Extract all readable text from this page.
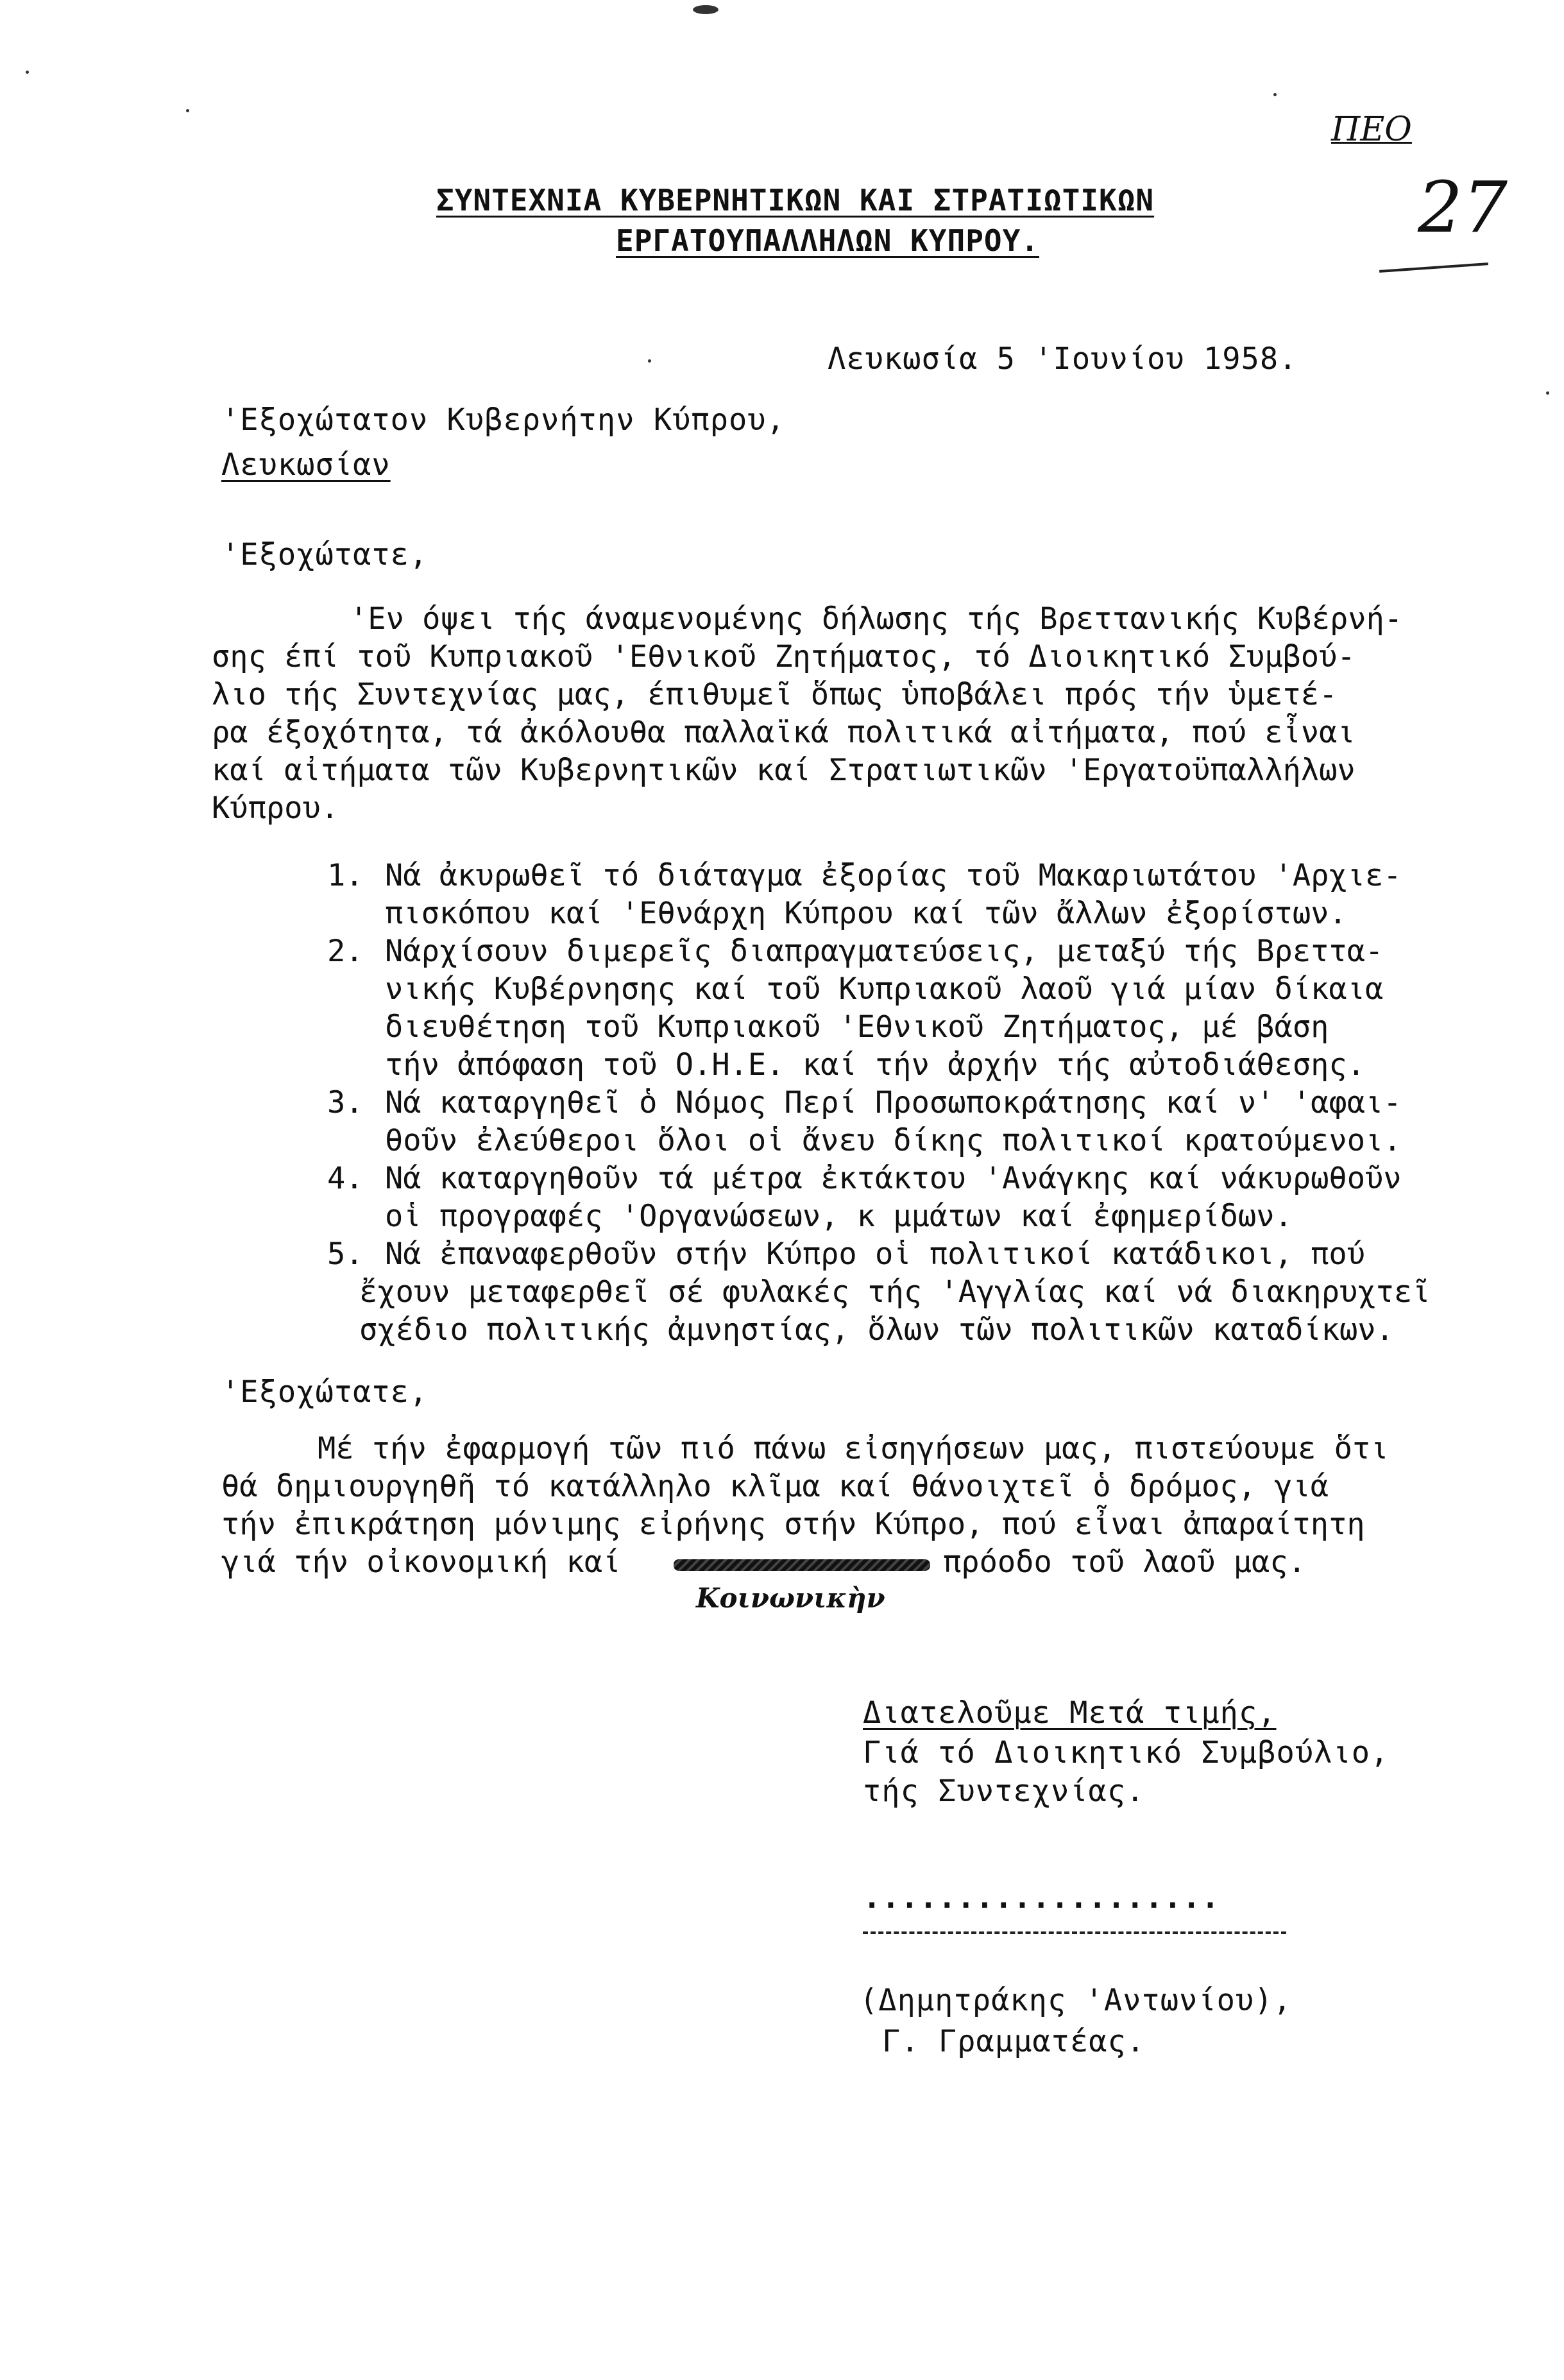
ΠΕΟ
27
ΣΥΝΤΕΧΝΙΑ ΚΥΒΕΡΝΗΤΙΚΩΝ ΚΑΙ ΣΤΡΑΤΙΩΤΙΚΩΝ
ΕΡΓΑΤΟΥΠΑΛΛΗΛΩΝ ΚΥΠΡΟΥ.
Λευκωσία 5 'Ιουνίου 1958.
'Εξοχώτατον Κυβερνήτην Κύπρου,
Λευκωσίαν
'Εξοχώτατε,
'Εν όψει τής άναμενομένης δήλωσης τής Βρεττανικής Κυβέρνή-
σης έπί τοῦ Κυπριακοῦ 'Εθνικοῦ Ζητήματος, τό Διοικητικό Συμβού-
λιο τής Συντεχνίας μας, έπιθυμεῖ ὅπως ὑποβάλει πρός τήν ὑμετέ-
ρα έξοχότητα, τά ἀκόλουθα παλλαϊκά πολιτικά αἰτήματα, πού εἶναι
καί αἰτήματα τῶν Κυβερνητικῶν καί Στρατιωτικῶν 'Εργατοϋπαλλήλων
Κύπρου.
1. Νά ἀκυρωθεῖ τό διάταγμα ἐξορίας τοῦ Μακαριωτάτου 'Αρχιε-
πισκόπου καί 'Εθνάρχη Κύπρου καί τῶν ἄλλων ἐξορίστων.
2. Νάρχίσουν διμερεῖς διαπραγματεύσεις, μεταξύ τής Βρεττα-
νικής Κυβέρνησης καί τοῦ Κυπριακοῦ λαοῦ γιά μίαν δίκαια
διευθέτηση τοῦ Κυπριακοῦ 'Εθνικοῦ Ζητήματος, μέ βάση
τήν ἀπόφαση τοῦ Ο.Η.Ε. καί τήν ἀρχήν τής αὐτοδιάθεσης.
3. Νά καταργηθεῖ ὁ Νόμος Περί Προσωποκράτησης καί ν' 'αφαι-
θοῦν ἐλεύθεροι ὅλοι οἱ ἄνευ δίκης πολιτικοί κρατούμενοι.
4. Νά καταργηθοῦν τά μέτρα ἐκτάκτου 'Ανάγκης καί νάκυρωθοῦν
οἱ προγραφές 'Οργανώσεων, κ μμάτων καί ἐφημερίδων.
5. Νά ἐπαναφερθοῦν στήν Κύπρο οἱ πολιτικοί κατάδικοι, πού
ἔχουν μεταφερθεῖ σέ φυλακές τής 'Αγγλίας καί νά διακηρυχτεῖ
σχέδιο πολιτικής ἀμνηστίας, ὅλων τῶν πολιτικῶν καταδίκων.
'Εξοχώτατε,
Μέ τήν ἐφαρμογή τῶν πιό πάνω εἰσηγήσεων μας, πιστεύουμε ὅτι
θά δημιουργηθῆ τό κατάλληλο κλῖμα καί θάνοιχτεῖ ὁ δρόμος, γιά
τήν ἐπικράτηση μόνιμης εἰρήνης στήν Κύπρο, πού εἶναι ἀπαραίτητη
γιά τήν οἰκονομική καί	πρόοδο τοῦ λαοῦ μας.
Κοινωνικὴν
Διατελοῦμε Μετά τιμής,
Γιά τό Διοικητικό Συμβούλιο,
τής Συντεχνίας.
...................
(Δημητράκης 'Αντωνίου),
Γ. Γραμματέας.
